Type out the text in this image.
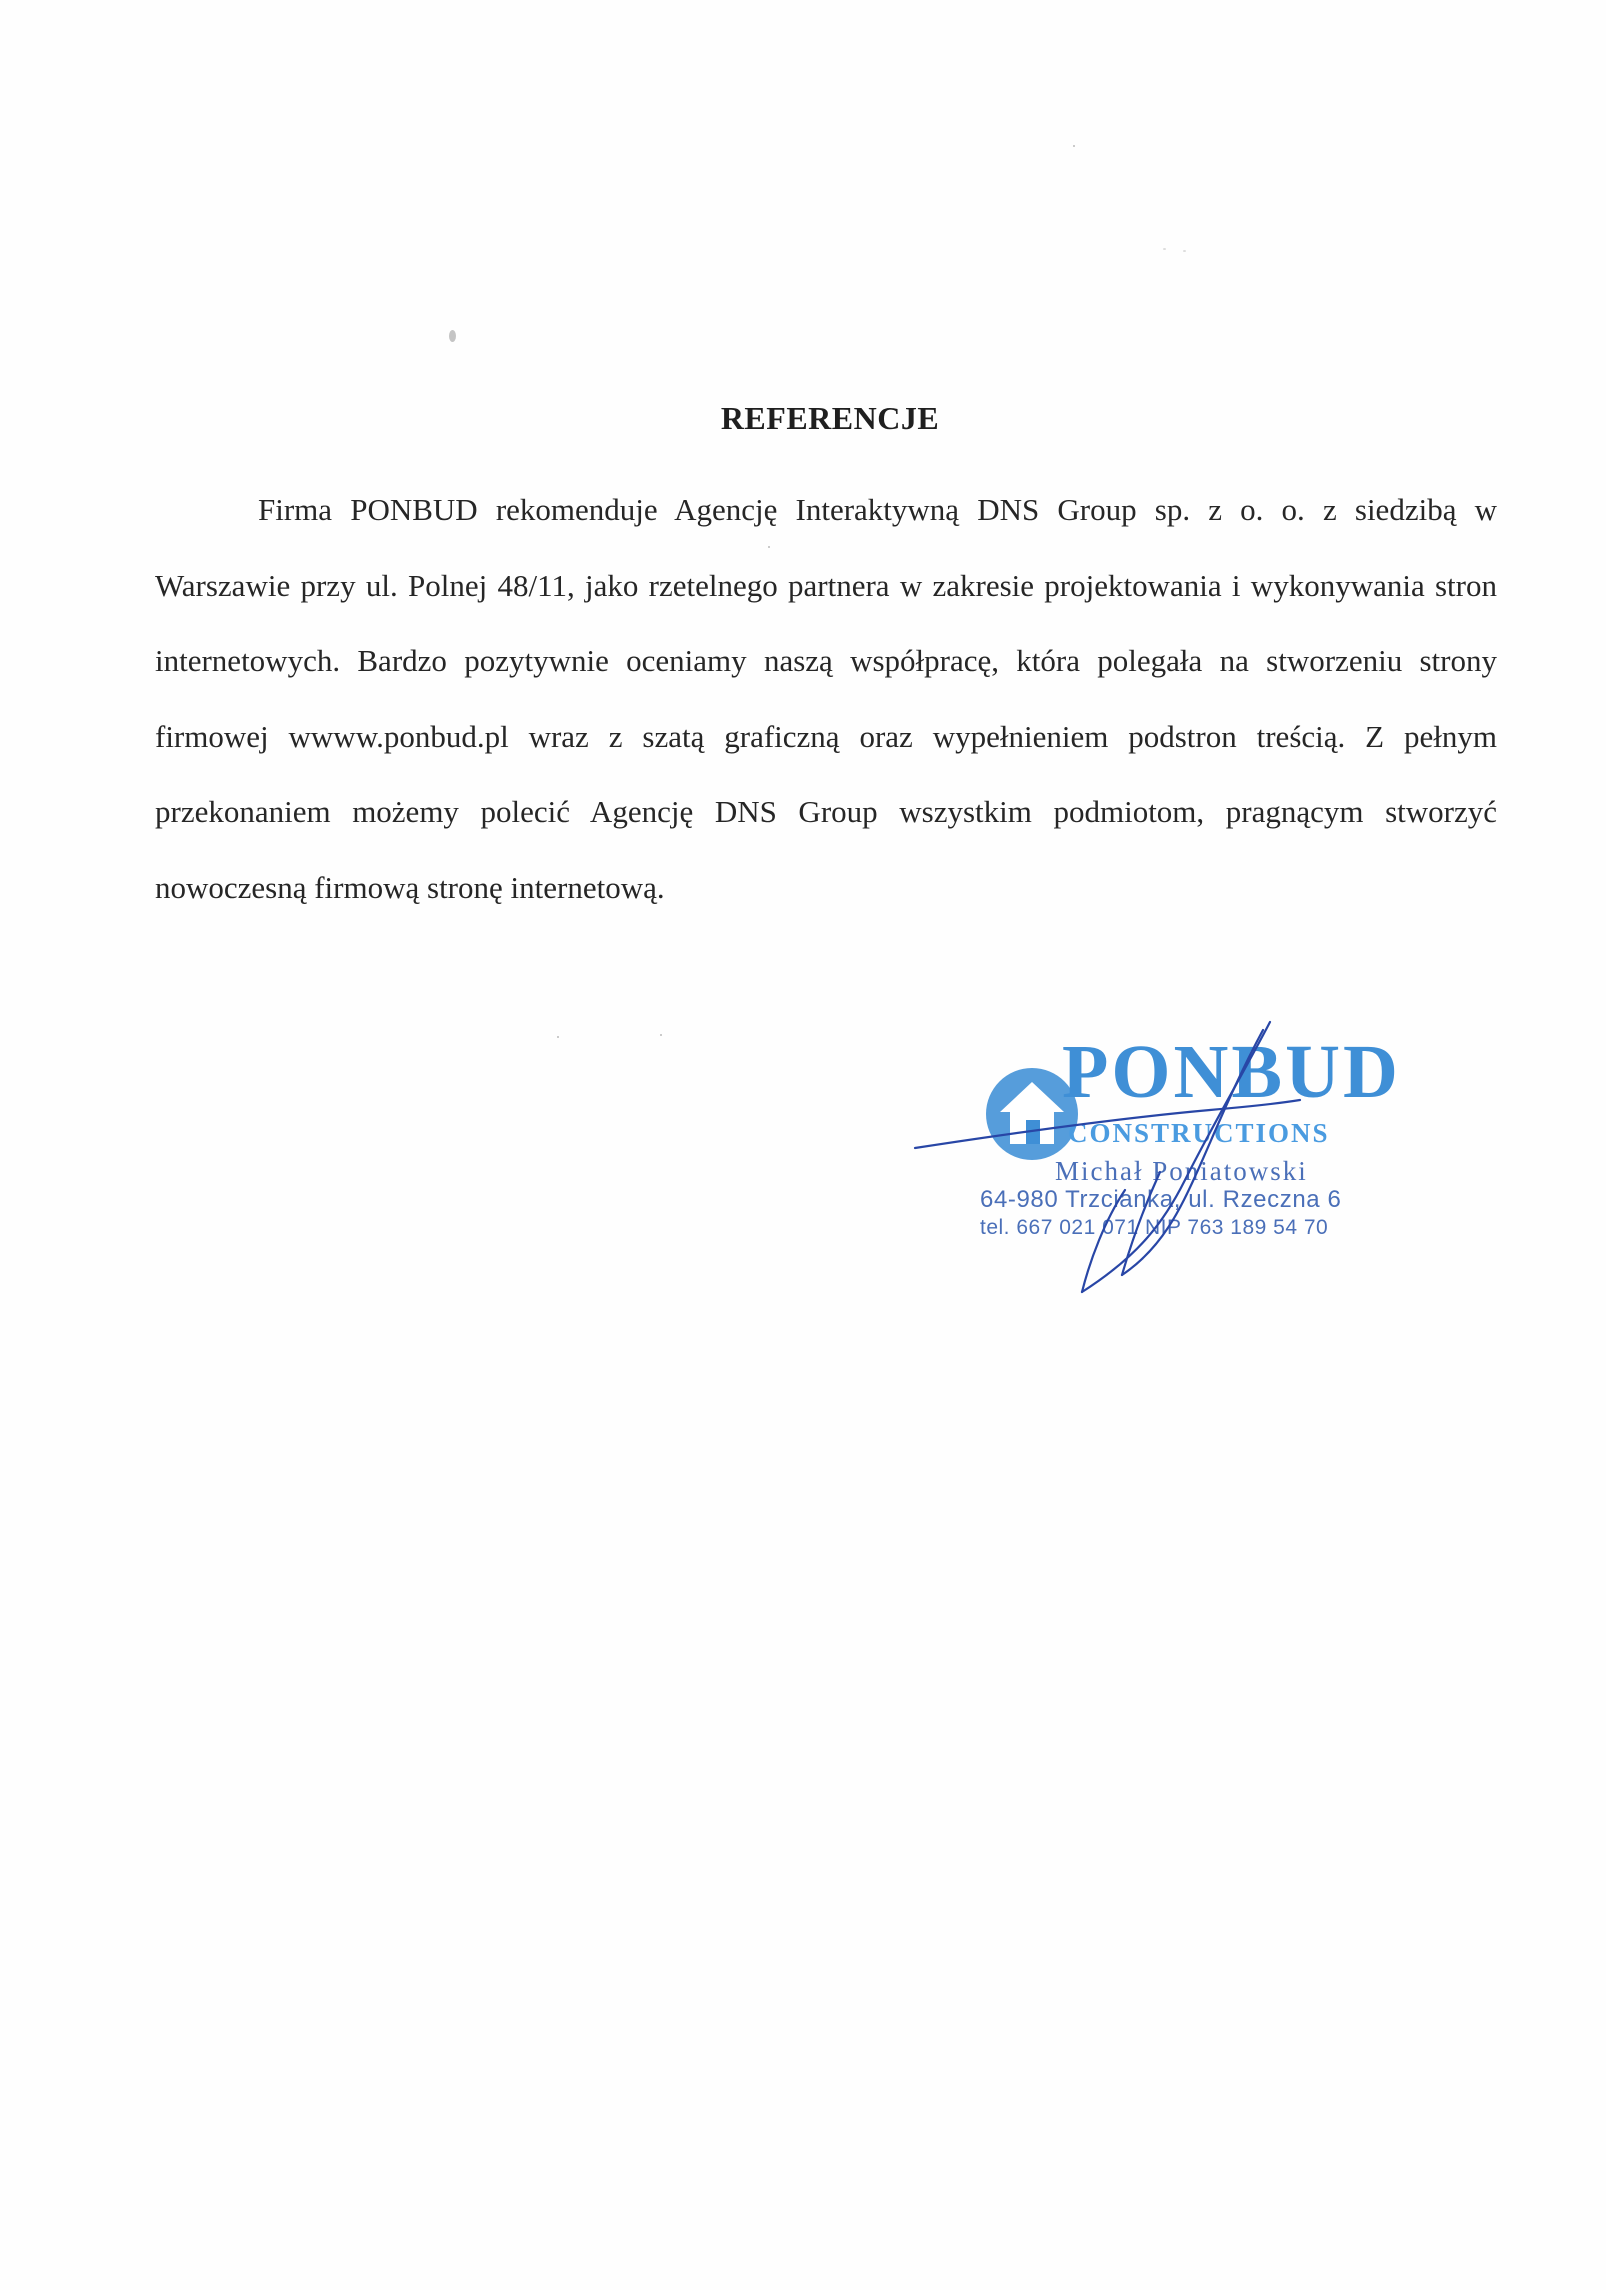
REFERENCJE
Firma PONBUD rekomenduje Agencję Interaktywną DNS Group sp. z o. o. z siedzibą w Warszawie przy ul. Polnej 48/11, jako rzetelnego partnera w zakresie projektowania i wykonywania stron internetowych. Bardzo pozytywnie oceniamy naszą współpracę, która polegała na stworzeniu strony firmowej wwww.ponbud.pl wraz z szatą graficzną oraz wypełnieniem podstron treścią. Z pełnym przekonaniem możemy polecić Agencję DNS Group wszystkim podmiotom, pragnącym stworzyć nowoczesną firmową stronę internetową.
PONBUD
CONSTRUCTIONS
Michał Poniatowski
64-980 Trzcianka, ul. Rzeczna 6
tel. 667 021 071 NIP 763 189 54 70
